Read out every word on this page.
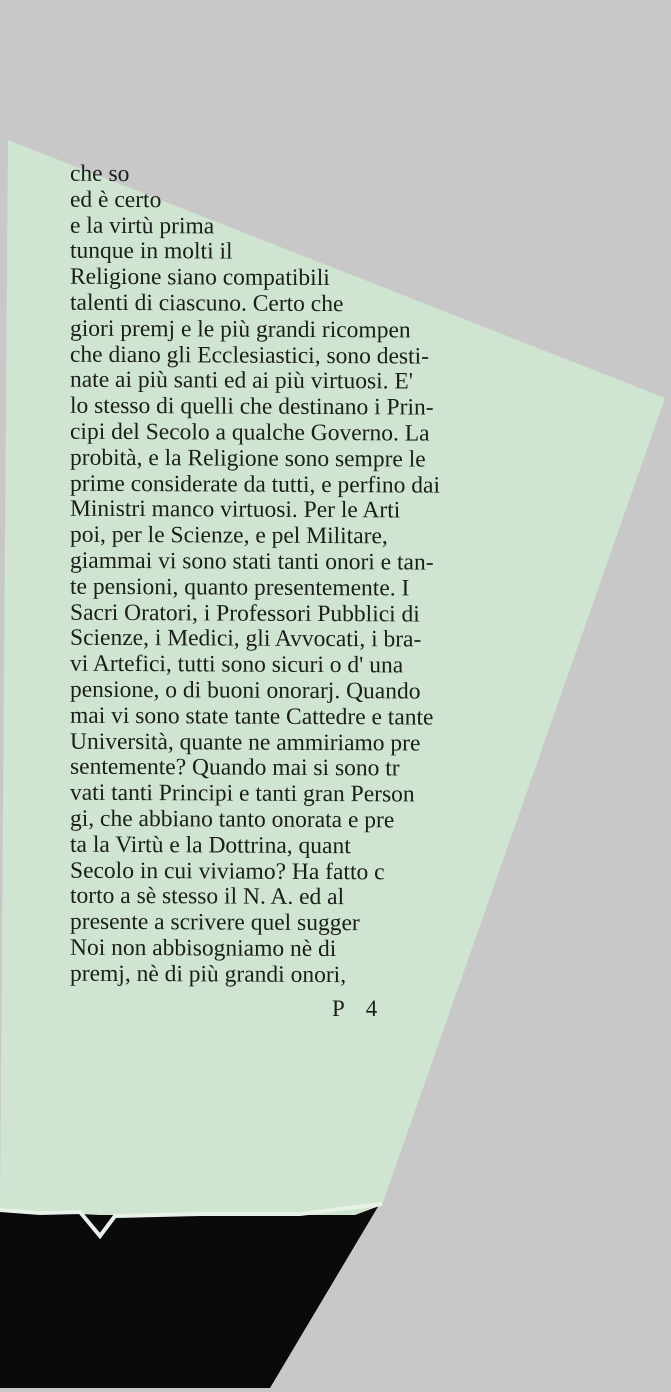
che so
ed è certo
e la virtù prima
tunque in molti il
Religione siano compatibili
talenti di ciascuno. Certo che
giori premj e le più grandi ricompen
che diano gli Ecclesiastici, sono desti-
nate ai più santi ed ai più virtuosi. E'
lo stesso di quelli che destinano i Prin-
cipi del Secolo a qualche Governo. La
probità, e la Religione sono sempre le
prime considerate da tutti, e perfino dai
Ministri manco virtuosi. Per le Arti
poi, per le Scienze, e pel Militare,
giammai vi sono stati tanti onori e tan-
te pensioni, quanto presentemente. I
Sacri Oratori, i Professori Pubblici di
Scienze, i Medici, gli Avvocati, i bra-
vi Artefici, tutti sono sicuri o d' una
pensione, o di buoni onorarj. Quando
mai vi sono state tante Cattedre e tante
Università, quante ne ammiriamo pre
sentemente? Quando mai si sono tr
vati tanti Principi e tanti gran Person
gi, che abbiano tanto onorata e pre
ta la Virtù e la Dottrina, quant
Secolo in cui viviamo? Ha fatto c
torto a sè stesso il N. A. ed al
presente a scrivere quel sugger
Noi non abbisogniamo nè di
premj, nè di più grandi onori,
P 4
